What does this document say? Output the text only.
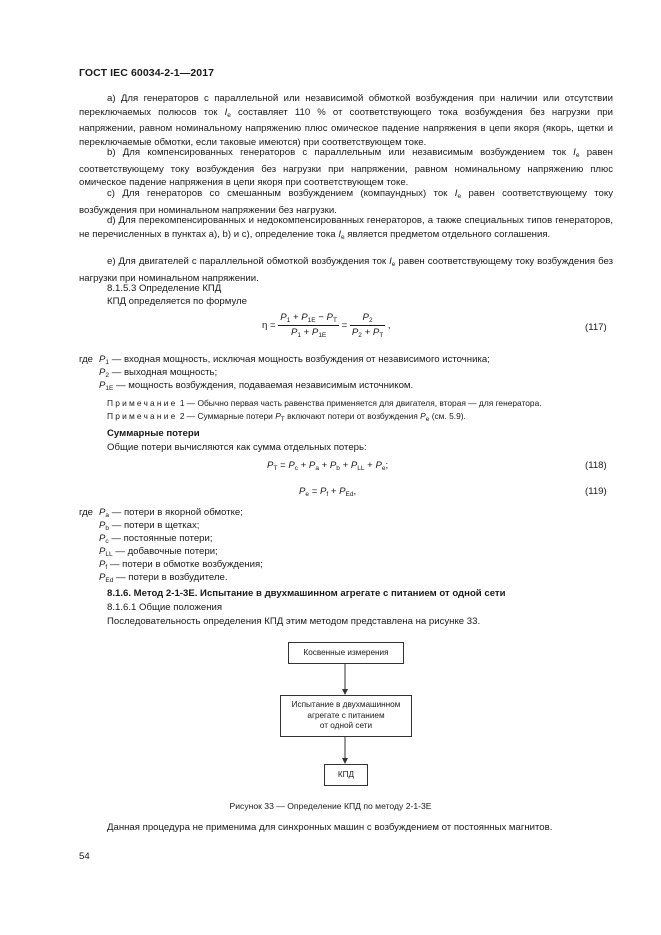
ГОСТ IEC 60034-2-1—2017
а) Для генераторов с параллельной или независимой обмоткой возбуждения при наличии или отсутствии переключаемых полюсов ток $I_e$ составляет 110 % от соответствующего тока возбуждения без нагрузки при напряжении, равном номинальному напряжению плюс омическое падение напряжения в цепи якоря (якорь, щетки и переключаемые обмотки, если таковые имеются) при соответствующем токе.
b) Для компенсированных генераторов с параллельным или независимым возбуждением ток $I_e$ равен соответствующему току возбуждения без нагрузки при напряжении, равном номинальному напряжению плюс омическое падение напряжения в цепи якоря при соответствующем токе.
с) Для генераторов со смешанным возбуждением (компаундных) ток $I_e$ равен соответствующему току возбуждения при номинальном напряжении без нагрузки.
d) Для перекомпенсированных и недокомпенсированных генераторов, а также специальных типов генераторов, не перечисленных в пунктах а), b) и с), определение тока $I_e$ является предметом отдельного соглашения.
е) Для двигателей с параллельной обмоткой возбуждения ток $I_e$ равен соответствующему току возбуждения без нагрузки при номинальном напряжении.
8.1.5.3 Определение КПД
КПД определяется по формуле
$\eta = \frac{P_1 + P_{1E} - P_T}{P_1 + P_{1E}} = \frac{P_2}{P_2 + P_T}$ ,	(117)
где $P_1$ — входная мощность, исключая мощность возбуждения от независимого источника;
$P_2$ — выходная мощность;
$P_{1E}$ — мощность возбуждения, подаваемая независимым источником.
Примечание 1 — Обычно первая часть равенства применяется для двигателя, вторая — для генератора.
Примечание 2 — Суммарные потери $P_T$ включают потери от возбуждения $P_e$ (см. 5.9).
Суммарные потери
Общие потери вычисляются как сумма отдельных потерь:
$P_T = P_c + P_a + P_b + P_{LL} + P_e$;	(118)
$P_e = P_f + P_{Ed}$,	(119)
где $P_a$ — потери в якорной обмотке;
$P_b$ — потери в щетках;
$P_c$ — постоянные потери;
$P_{LL}$ — добавочные потери;
$P_f$ — потери в обмотке возбуждения;
$P_{Ed}$ — потери в возбудителе.
8.1.6. Метод 2-1-3Е. Испытание в двухмашинном агрегате с питанием от одной сети
8.1.6.1 Общие положения
Последовательность определения КПД этим методом представлена на рисунке 33.
Косвенные измерения
Испытание в двухмашинном
агрегате с питанием
от одной сети
КПД
Рисунок 33 — Определение КПД по методу 2-1-3Е
Данная процедура не применима для синхронных машин с возбуждением от постоянных магнитов.
54
